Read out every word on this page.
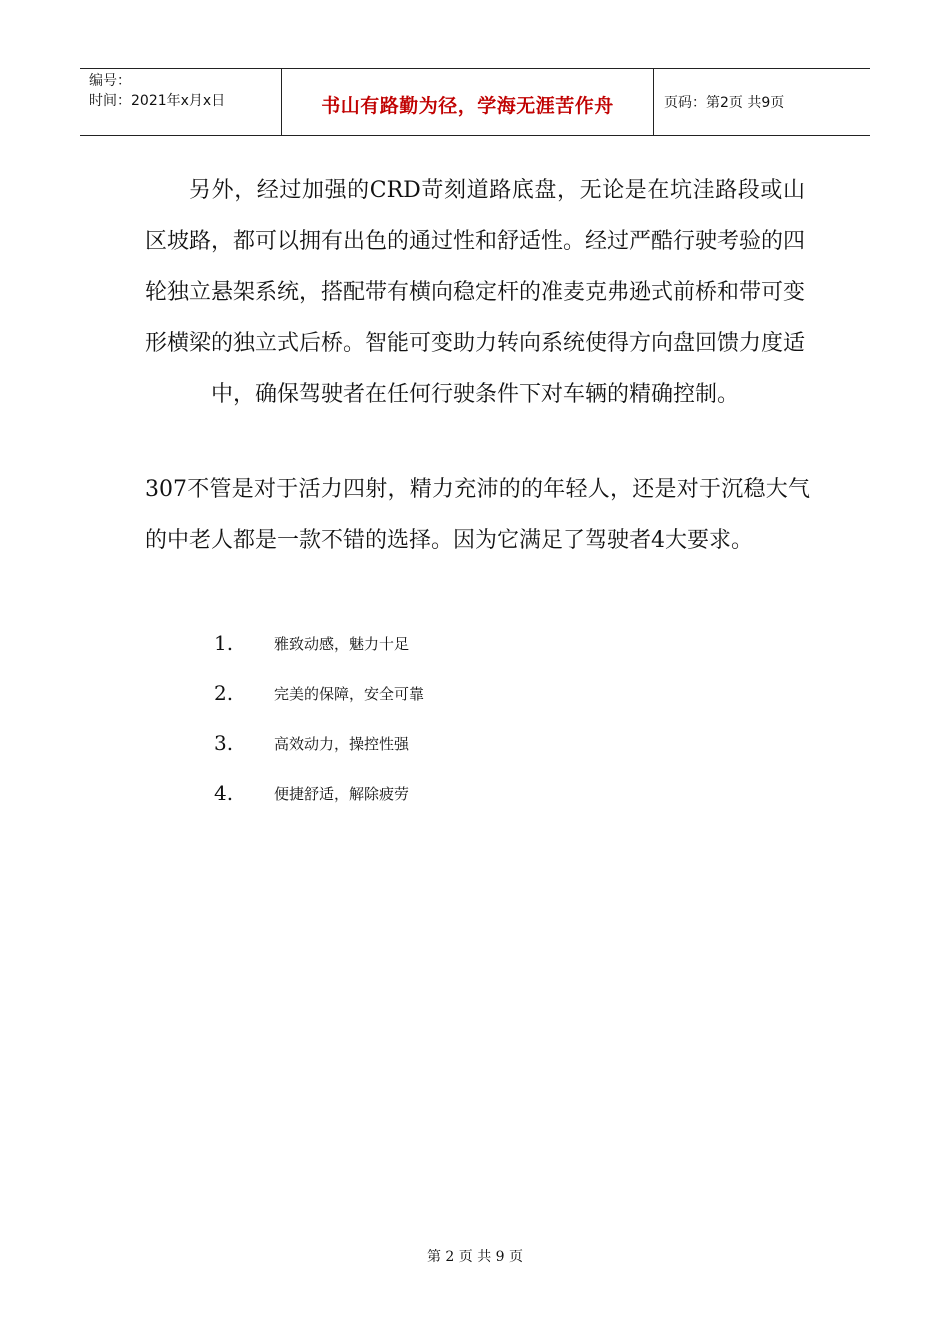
编号：
时间：2021年x月x日	书山有路勤为径，学海无涯苦作舟	页码：第2页 共9页

另外，经过加强的CRD苛刻道路底盘，无论是在坑洼路段或山区坡路，都可以拥有出色的通过性和舒适性。经过严酷行驶考验的四轮独立悬架系统，搭配带有横向稳定杆的准麦克弗逊式前桥和带可变形横梁的独立式后桥。智能可变助力转向系统使得方向盘回馈力度适中，确保驾驶者在任何行驶条件下对车辆的精确控制。

307不管是对于活力四射，精力充沛的的年轻人，还是对于沉稳大气的中老人都是一款不错的选择。因为它满足了驾驶者4大要求。

1.	雅致动感，魅力十足
2.	完美的保障，安全可靠
3.	高效动力，操控性强
4.	便捷舒适，解除疲劳
第 2 页 共 9 页
